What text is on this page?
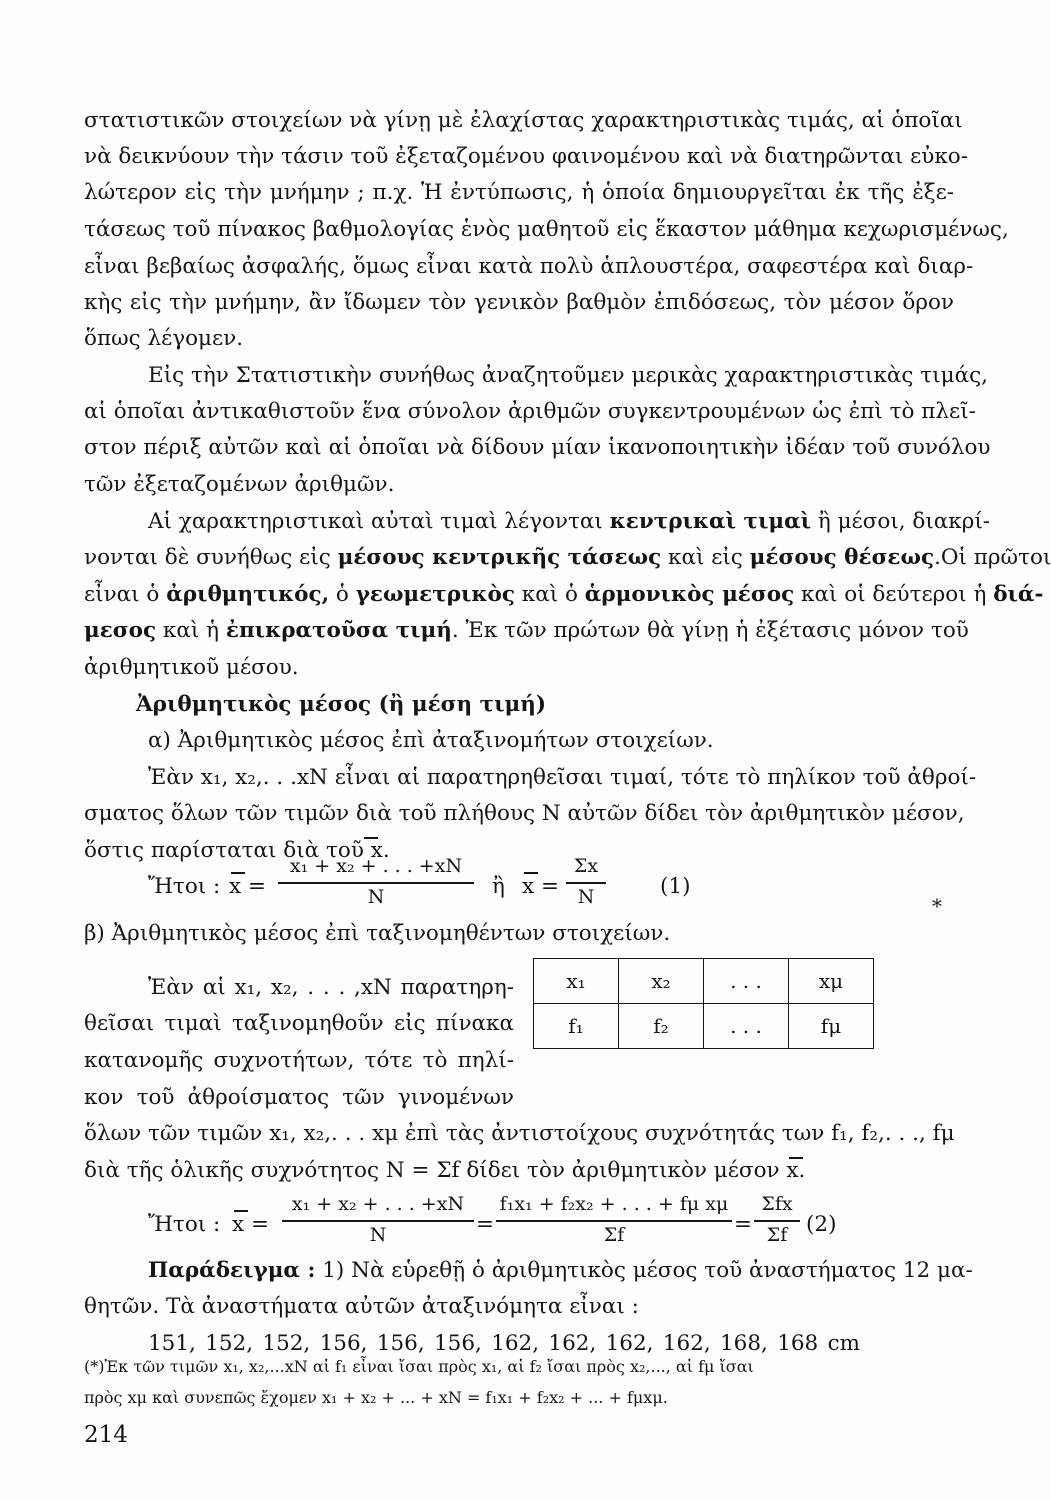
στατιστικῶν στοιχείων νὰ γίνῃ μὲ ἐλαχίστας χαρακτηριστικὰς τιμάς, αἱ ὁποῖαι
νὰ δεικνύουν τὴν τάσιν τοῦ ἐξεταζομένου φαινομένου καὶ νὰ διατηρῶνται εὐκο-
λώτερον εἰς τὴν μνήμην ; π.χ. Ἡ ἐντύπωσις, ἡ ὁποία δημιουργεῖται ἐκ τῆς ἐξε-
τάσεως τοῦ πίνακος βαθμολογίας ἑνὸς μαθητοῦ εἰς ἕκαστον μάθημα κεχωρισμένως,
εἶναι βεβαίως ἀσφαλής, ὅμως εἶναι κατὰ πολὺ ἁπλουστέρα, σαφεστέρα καὶ διαρ-
κὴς εἰς τὴν μνήμην, ἂν ἴδωμεν τὸν γενικὸν βαθμὸν ἐπιδόσεως, τὸν μέσον ὅρον
ὅπως λέγομεν.
Εἰς τὴν Στατιστικὴν συνήθως ἀναζητοῦμεν μερικὰς χαρακτηριστικὰς τιμάς,
αἱ ὁποῖαι ἀντικαθιστοῦν ἕνα σύνολον ἀριθμῶν συγκεντρουμένων ὡς ἐπὶ τὸ πλεῖ-
στον πέριξ αὐτῶν καὶ αἱ ὁποῖαι νὰ δίδουν μίαν ἱκανοποιητικὴν ἰδέαν τοῦ συνόλου
τῶν ἐξεταζομένων ἀριθμῶν.
Αἱ χαρακτηριστικαὶ αὐταὶ τιμαὶ λέγονται κεντρικαὶ τιμαὶ ἢ μέσοι, διακρί-
νονται δὲ συνήθως εἰς μέσους κεντρικῆς τάσεως καὶ εἰς μέσους θέσεως.Οἱ πρῶτοι
εἶναι ὁ ἀριθμητικός, ὁ γεωμετρικὸς καὶ ὁ ἁρμονικὸς μέσος καὶ οἱ δεύτεροι ἡ διά-
μεσος καὶ ἡ ἐπικρατοῦσα τιμή. Ἐκ τῶν πρώτων θὰ γίνῃ ἡ ἐξέτασις μόνον τοῦ
ἀριθμητικοῦ μέσου.
Ἀριθμητικὸς μέσος (ἢ μέση τιμή)
α) Ἀριθμητικὸς μέσος ἐπὶ ἀταξινομήτων στοιχείων.
Ἐὰν x₁, x₂,. . .xN εἶναι αἱ παρατηρηθεῖσαι τιμαί, τότε τὸ πηλίκον τοῦ ἀθροί-
σματος ὅλων τῶν τιμῶν διὰ τοῦ πλήθους N αὐτῶν δίδει τὸν ἀριθμητικὸν μέσον,
ὅστις παρίσταται διὰ τοῦ x.
Ἤτοι : x =
x₁ + x₂ + . . . +xN
N	ἢ x =
Σx
N	(1)
β) Ἀριθμητικὸς μέσος ἐπὶ ταξινομηθέντων στοιχείων.
Ἐὰν αἱ x₁, x₂, . . . ,xN παρατηρη-
θεῖσαι τιμαὶ ταξινομηθοῦν εἰς πίνακα
κατανομῆς συχνοτήτων, τότε τὸ πηλί-
κον τοῦ ἀθροίσματος τῶν γινομένων
ὅλων τῶν τιμῶν x₁, x₂,. . . xμ ἐπὶ τὰς ἀντιστοίχους συχνότητάς των f₁, f₂,. . ., fμ
διὰ τῆς ὁλικῆς συχνότητος N = Σf δίδει τὸν ἀριθμητικὸν μέσον x.
*
x₁	x₂	. . .	xμ
f₁	f₂	. . .	fμ
Ἤτοι : x =
x₁ + x₂ + . . . +xN
N	=
f₁x₁ + f₂x₂ + . . . + fμ xμ
Σf	=
Σfx
Σf (2)
Παράδειγμα : 1) Νὰ εὑρεθῇ ὁ ἀριθμητικὸς μέσος τοῦ ἀναστήματος 12 μα-
θητῶν. Τὰ ἀναστήματα αὐτῶν ἀταξινόμητα εἶναι :
151, 152, 152, 156, 156, 156, 162, 162, 162, 162, 168, 168 cm
(*)Ἐκ τῶν τιμῶν x₁, x₂,...xN αἱ f₁ εἶναι ἴσαι πρὸς x₁, αἱ f₂ ἴσαι πρὸς x₂,..., αἱ fμ ἴσαι
πρὸς xμ καὶ συνεπῶς ἔχομεν x₁ + x₂ + ... + xN = f₁x₁ + f₂x₂ + ... + fμxμ.
214
